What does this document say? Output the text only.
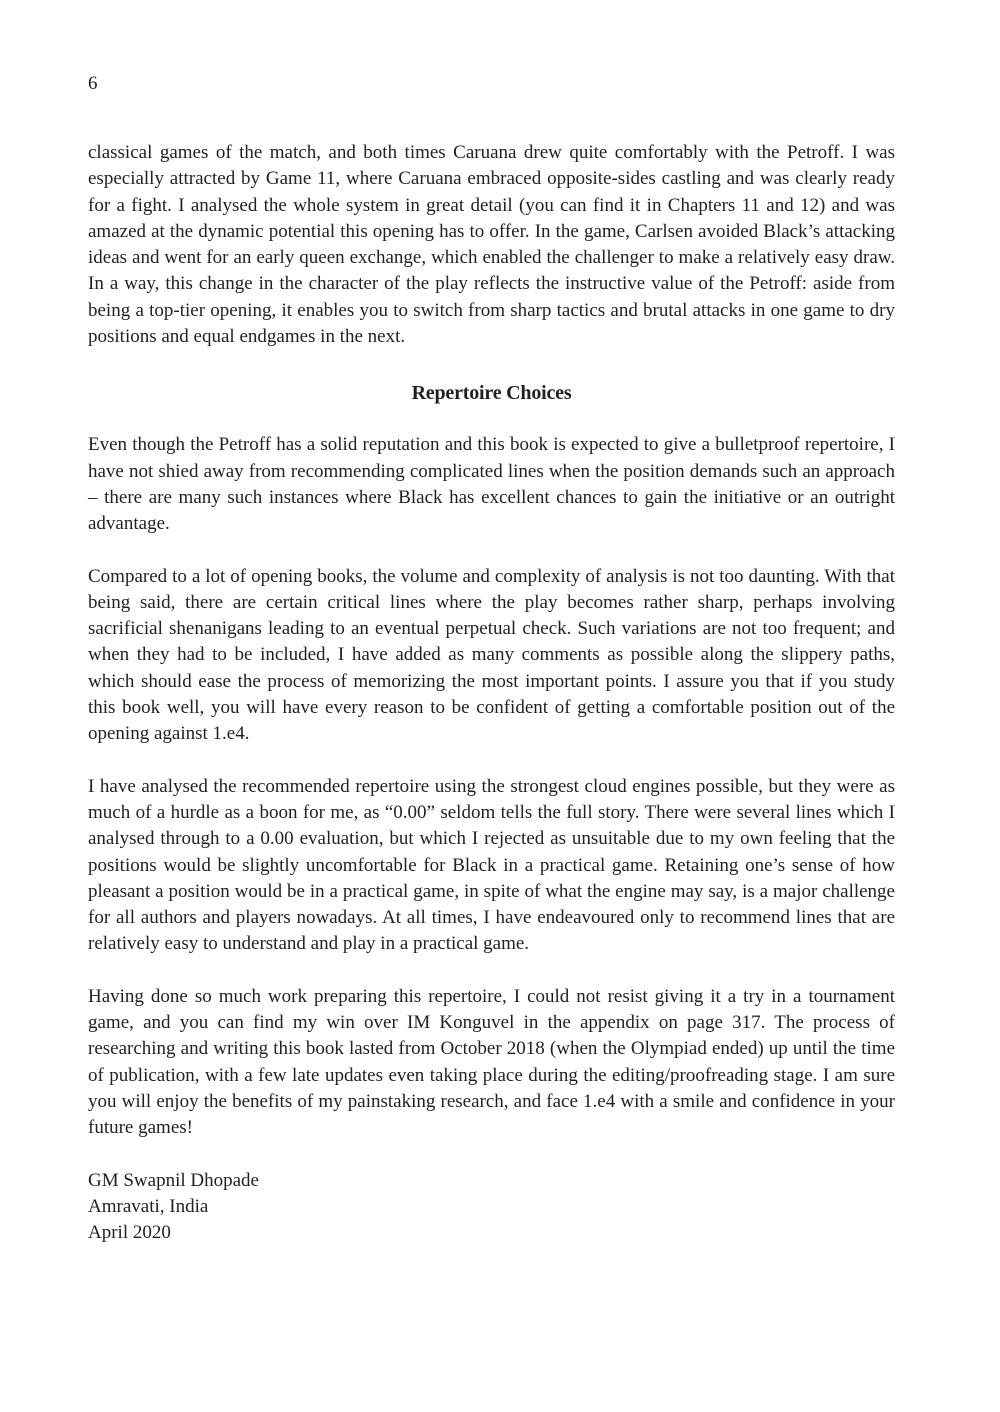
6

classical games of the match, and both times Caruana drew quite comfortably with the Petroff. I was especially attracted by Game 11, where Caruana embraced opposite-sides castling and was clearly ready for a fight. I analysed the whole system in great detail (you can find it in Chapters 11 and 12) and was amazed at the dynamic potential this opening has to offer. In the game, Carlsen avoided Black’s attacking ideas and went for an early queen exchange, which enabled the challenger to make a relatively easy draw. In a way, this change in the character of the play reflects the instructive value of the Petroff: aside from being a top-tier opening, it enables you to switch from sharp tactics and brutal attacks in one game to dry positions and equal endgames in the next.

Repertoire Choices

Even though the Petroff has a solid reputation and this book is expected to give a bulletproof repertoire, I have not shied away from recommending complicated lines when the position demands such an approach – there are many such instances where Black has excellent chances to gain the initiative or an outright advantage.

Compared to a lot of opening books, the volume and complexity of analysis is not too daunting. With that being said, there are certain critical lines where the play becomes rather sharp, perhaps involving sacrificial shenanigans leading to an eventual perpetual check. Such variations are not too frequent; and when they had to be included, I have added as many comments as possible along the slippery paths, which should ease the process of memorizing the most important points. I assure you that if you study this book well, you will have every reason to be confident of getting a comfortable position out of the opening against 1.e4.

I have analysed the recommended repertoire using the strongest cloud engines possible, but they were as much of a hurdle as a boon for me, as “0.00” seldom tells the full story. There were several lines which I analysed through to a 0.00 evaluation, but which I rejected as unsuitable due to my own feeling that the positions would be slightly uncomfortable for Black in a practical game. Retaining one’s sense of how pleasant a position would be in a practical game, in spite of what the engine may say, is a major challenge for all authors and players nowadays. At all times, I have endeavoured only to recommend lines that are relatively easy to understand and play in a practical game.

Having done so much work preparing this repertoire, I could not resist giving it a try in a tournament game, and you can find my win over IM Konguvel in the appendix on page 317. The process of researching and writing this book lasted from October 2018 (when the Olympiad ended) up until the time of publication, with a few late updates even taking place during the editing/proofreading stage. I am sure you will enjoy the benefits of my painstaking research, and face 1.e4 with a smile and confidence in your future games!

GM Swapnil Dhopade
Amravati, India
April 2020
